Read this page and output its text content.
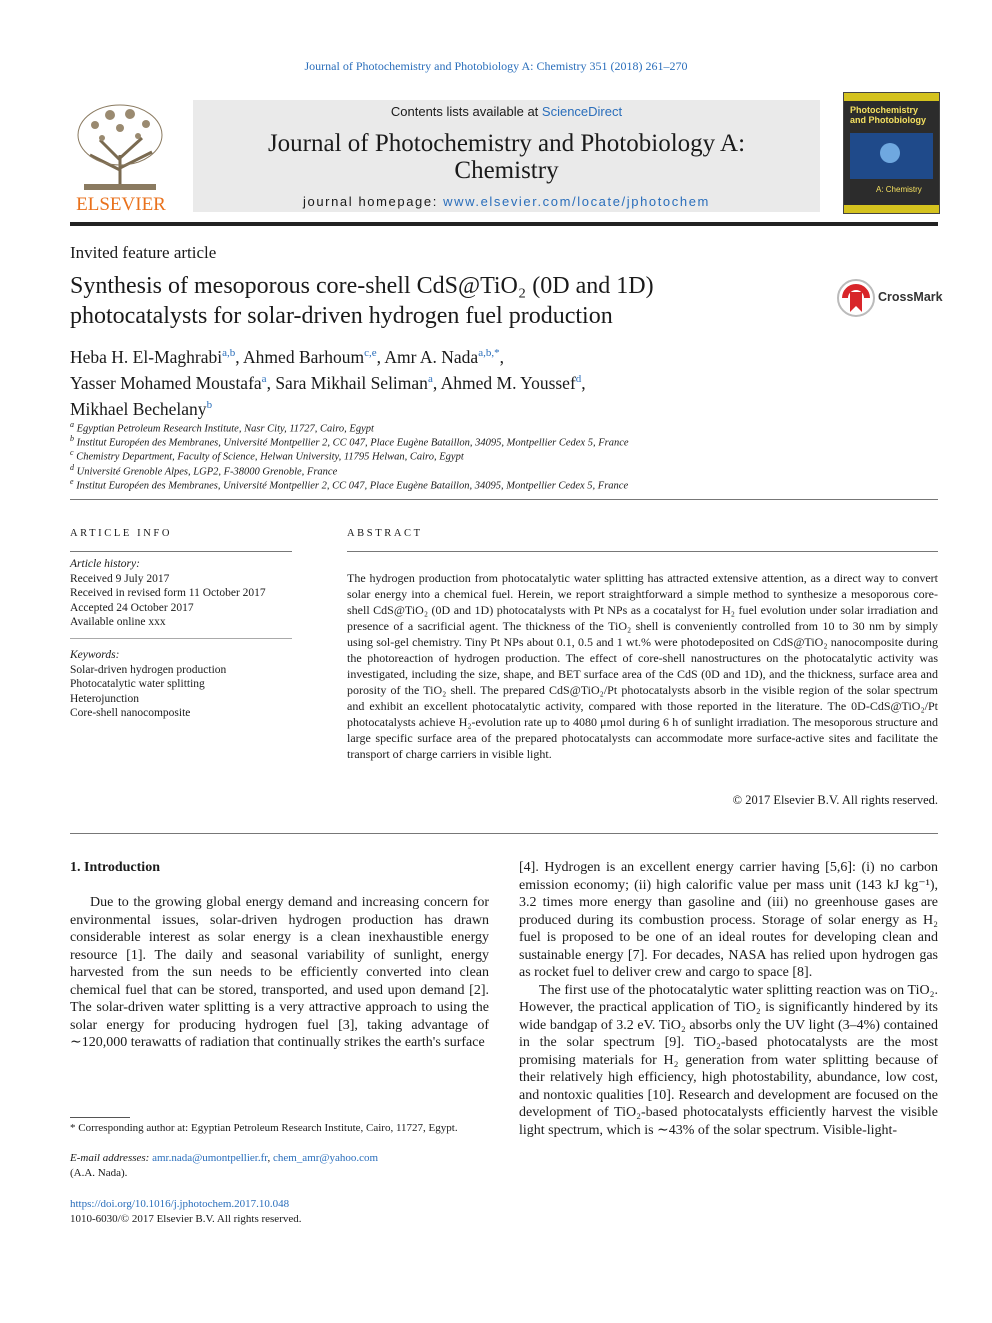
Journal of Photochemistry and Photobiology A: Chemistry 351 (2018) 261–270
ELSEVIER
Contents lists available at ScienceDirect
Journal of Photochemistry and Photobiology A:
Chemistry
journal homepage: www.elsevier.com/locate/jphotochem
Photochemistry and Photobiology
A: Chemistry
Invited feature article
Synthesis of mesoporous core-shell CdS@TiO₂ (0D and 1D)
photocatalysts for solar-driven hydrogen fuel production
CrossMark
Heba H. El-Maghrabi$^{a,b}$, Ahmed Barhoum$^{c,e}$, Amr A. Nada$^{a,b,*}$,
Yasser Mohamed Moustafa$^a$, Sara Mikhail Seliman$^a$, Ahmed M. Youssef$^d$,
Mikhael Bechelany$^b$
$^a$ Egyptian Petroleum Research Institute, Nasr City, 11727, Cairo, Egypt
$^b$ Institut Européen des Membranes, Université Montpellier 2, CC 047, Place Eugène Bataillon, 34095, Montpellier Cedex 5, France
$^c$ Chemistry Department, Faculty of Science, Helwan University, 11795 Helwan, Cairo, Egypt
$^d$ Université Grenoble Alpes, LGP2, F-38000 Grenoble, France
$^e$ Institut Européen des Membranes, Université Montpellier 2, CC 047, Place Eugène Bataillon, 34095, Montpellier Cedex 5, France
ARTICLE INFO
Article history:
Received 9 July 2017
Received in revised form 11 October 2017
Accepted 24 October 2017
Available online xxx
Keywords:
Solar-driven hydrogen production
Photocatalytic water splitting
Heterojunction
Core-shell nanocomposite
ABSTRACT
The hydrogen production from photocatalytic water splitting has attracted extensive attention, as a direct way to convert solar energy into a chemical fuel. Herein, we report straightforward a simple method to synthesize a mesoporous core-shell CdS@TiO₂ (0D and 1D) photocatalysts with Pt NPs as a cocatalyst for H₂ fuel evolution under solar irradiation and presence of a sacrificial agent. The thickness of the TiO₂ shell is conveniently controlled from 10 to 30 nm by simply using sol-gel chemistry. Tiny Pt NPs about 0.1, 0.5 and 1 wt.% were photodeposited on CdS@TiO₂ nanocomposite during the photoreaction of hydrogen production. The effect of core-shell nanostructures on the photocatalytic activity was investigated, including the size, shape, and BET surface area of the CdS (0D and 1D), and the thickness, surface area and porosity of the TiO₂ shell. The prepared CdS@TiO₂/Pt photocatalysts absorb in the visible region of the solar spectrum and exhibit an excellent photocatalytic activity, compared with those reported in the literature. The 0D-CdS@TiO₂/Pt photocatalysts achieve H₂-evolution rate up to 4080 μmol during 6 h of sunlight irradiation. The mesoporous structure and large specific surface area of the prepared photocatalysts can accommodate more surface-active sites and facilitate the transport of charge carriers in visible light.
© 2017 Elsevier B.V. All rights reserved.
1. Introduction

Due to the growing global energy demand and increasing concern for environmental issues, solar-driven hydrogen production has drawn considerable interest as solar energy is a clean inexhaustible energy resource [1]. The daily and seasonal variability of sunlight, energy harvested from the sun needs to be efficiently converted into clean chemical fuel that can be stored, transported, and used upon demand [2]. The solar-driven water splitting is a very attractive approach to using the solar energy for producing hydrogen fuel [3], taking advantage of ∼120,000 terawatts of radiation that continually strikes the earth's surface

[4]. Hydrogen is an excellent energy carrier having [5,6]: (i) no carbon emission economy; (ii) high calorific value per mass unit (143 kJ kg⁻¹), 3.2 times more energy than gasoline and (iii) no greenhouse gases are produced during its combustion process. Storage of solar energy as H₂ fuel is proposed to be one of an ideal routes for developing clean and sustainable energy [7]. For decades, NASA has relied upon hydrogen gas as rocket fuel to deliver crew and cargo to space [8].

The first use of the photocatalytic water splitting reaction was on TiO₂. However, the practical application of TiO₂ is significantly hindered by its wide bandgap of 3.2 eV. TiO₂ absorbs only the UV light (3–4%) contained in the solar spectrum [9]. TiO₂-based photocatalysts are the most promising materials for H₂ generation from water splitting because of their relatively high efficiency, high photostability, abundance, low cost, and nontoxic qualities [10]. Research and development are focused on the development of TiO₂-based photocatalysts efficiently harvest the visible light spectrum, which is ∼43% of the solar spectrum. Visible-light-

* Corresponding author at: Egyptian Petroleum Research Institute, Cairo, 11727, Egypt.
E-mail addresses: amr.nada@umontpellier.fr, chem_amr@yahoo.com
(A.A. Nada).
https://doi.org/10.1016/j.jphotochem.2017.10.048
1010-6030/© 2017 Elsevier B.V. All rights reserved.
